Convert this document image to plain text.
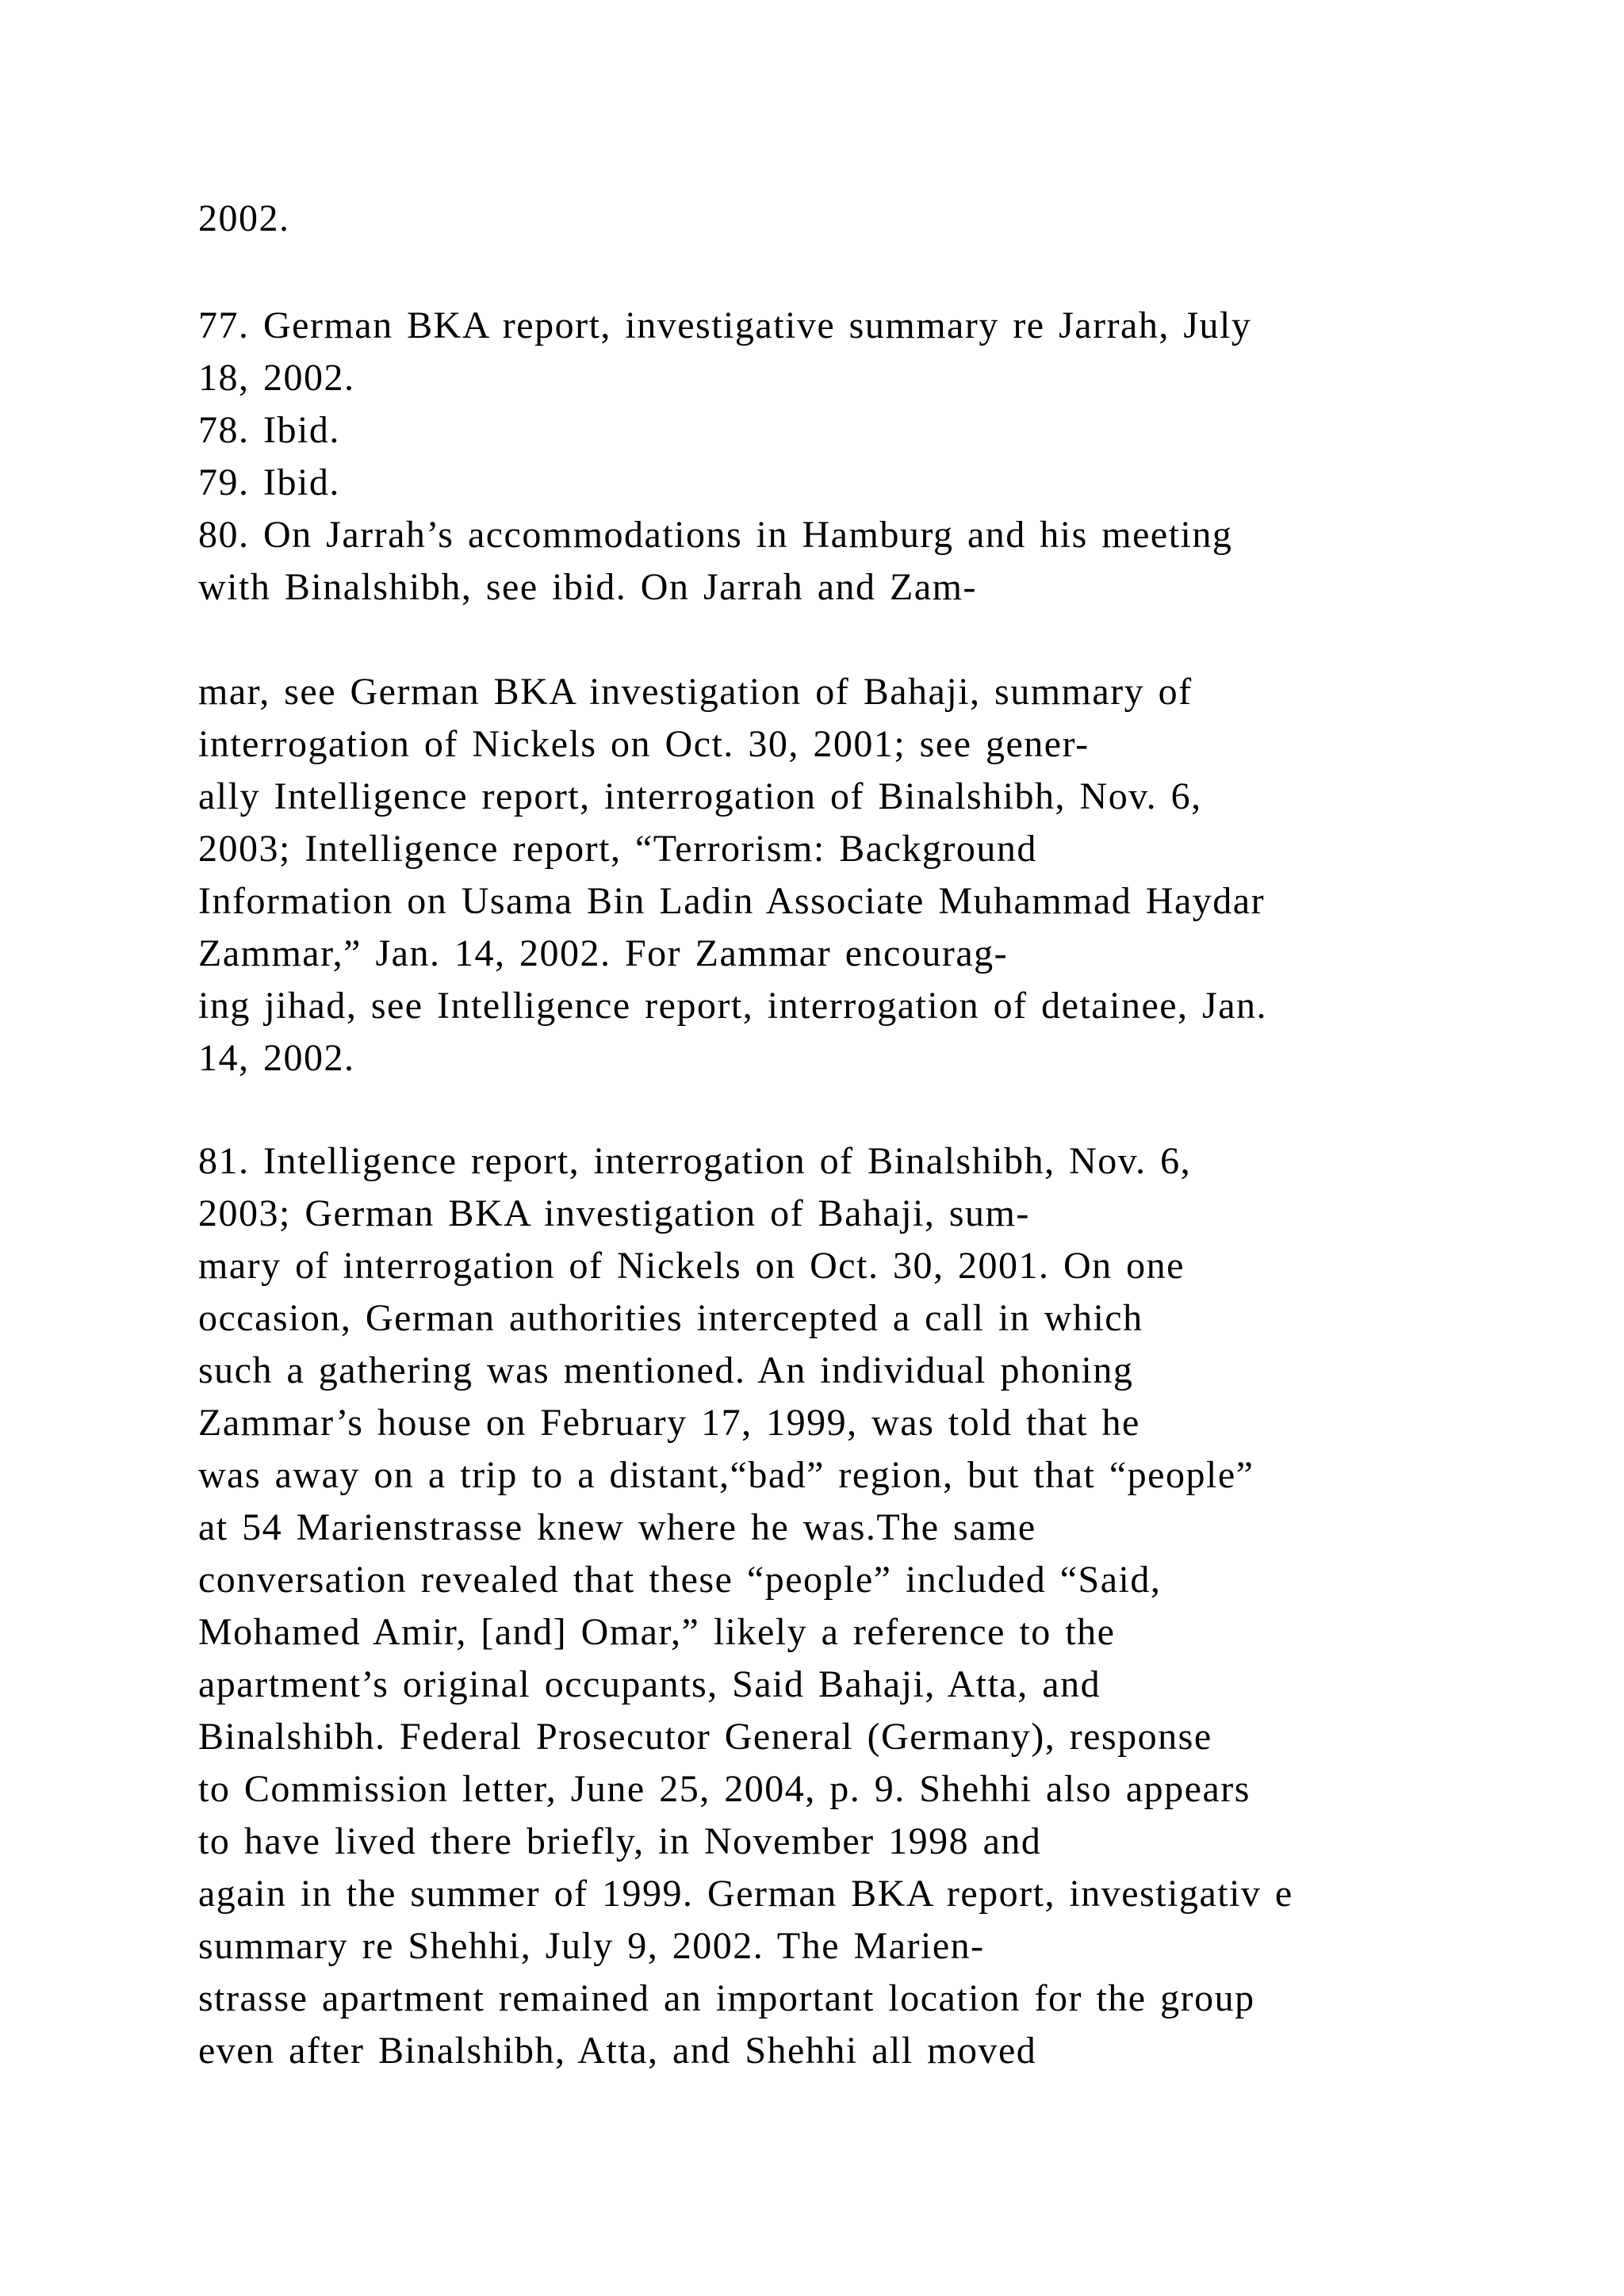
2002.
77. German BKA report, investigative summary re Jarrah, July
18, 2002.
78. Ibid.
79. Ibid.
80. On Jarrah’s accommodations in Hamburg and his meeting
with Binalshibh, see ibid. On Jarrah and Zam-
mar, see German BKA investigation of Bahaji, summary of
interrogation of Nickels on Oct. 30, 2001; see gener-
ally Intelligence report, interrogation of Binalshibh, Nov. 6,
2003; Intelligence report, “Terrorism: Background
Information on Usama Bin Ladin Associate Muhammad Haydar
Zammar,” Jan. 14, 2002. For Zammar encourag-
ing jihad, see Intelligence report, interrogation of detainee, Jan.
14, 2002.
81. Intelligence report, interrogation of Binalshibh, Nov. 6,
2003; German BKA investigation of Bahaji, sum-
mary of interrogation of Nickels on Oct. 30, 2001. On one
occasion, German authorities intercepted a call in which
such a gathering was mentioned. An individual phoning
Zammar’s house on February 17, 1999, was told that he
was away on a trip to a distant,“bad” region, but that “people”
at 54 Marienstrasse knew where he was.The same
conversation revealed that these “people” included “Said,
Mohamed Amir, [and] Omar,” likely a reference to the
apartment’s original occupants, Said Bahaji, Atta, and
Binalshibh. Federal Prosecutor General (Germany), response
to Commission letter, June 25, 2004, p. 9. Shehhi also appears
to have lived there briefly, in November 1998 and
again in the summer of 1999. German BKA report, investigativ e
summary re Shehhi, July 9, 2002. The Marien-
strasse apartment remained an important location for the group
even after Binalshibh, Atta, and Shehhi all moved
